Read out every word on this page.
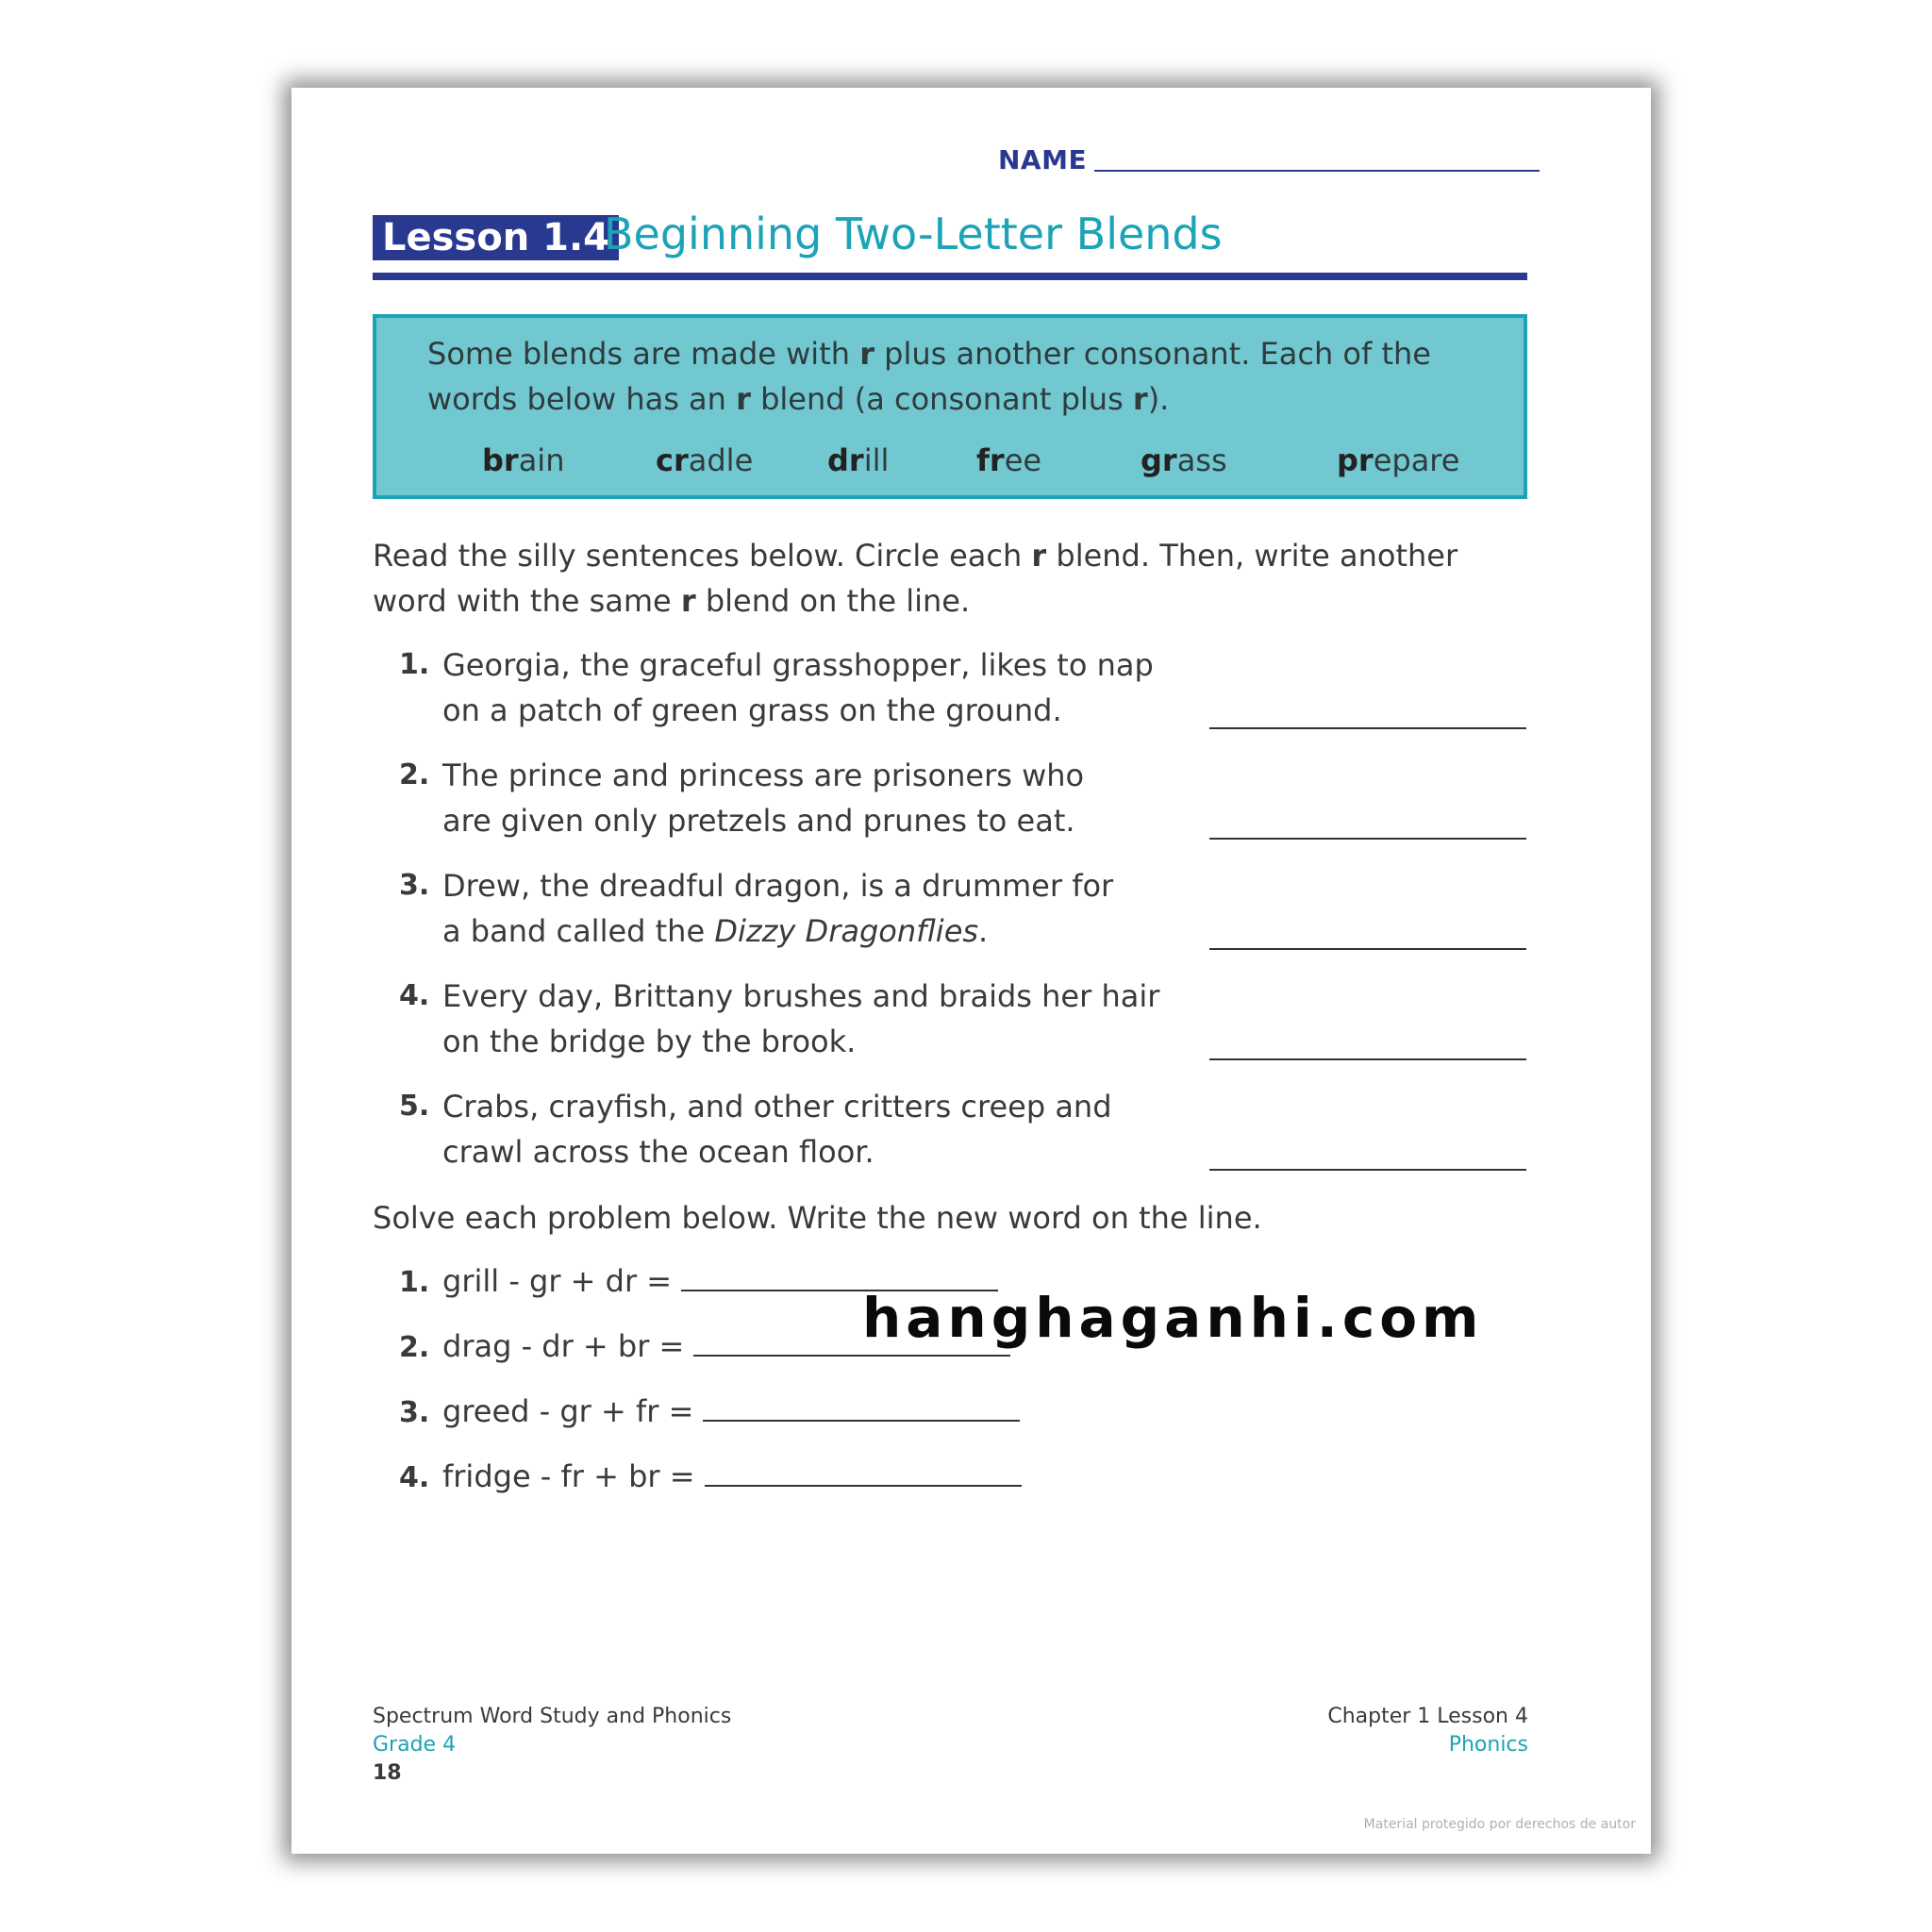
NAME
Lesson 1.4
Beginning Two-Letter Blends
Some blends are made with r plus another consonant. Each of the
words below has an r blend (a consonant plus r).
brain	cradle drill	free	grass	prepare
Read the silly sentences below. Circle each r blend. Then, write another
word with the same r blend on the line.
1. Georgia, the graceful grasshopper, likes to nap
on a patch of green grass on the ground.
2. The prince and princess are prisoners who
are given only pretzels and prunes to eat.
3. Drew, the dreadful dragon, is a drummer for
a band called the Dizzy Dragonflies.
4. Every day, Brittany brushes and braids her hair
on the bridge by the brook.
5. Crabs, crayfish, and other critters creep and
crawl across the ocean floor.
Solve each problem below. Write the new word on the line.
1. grill - gr + dr =
2. drag - dr + br =
3. greed - gr + fr =
4. fridge - fr + br =
hanghaganhi.com
Spectrum Word Study and Phonics
Grade 4
18
Chapter 1 Lesson 4
Phonics
Material protegido por derechos de autor
